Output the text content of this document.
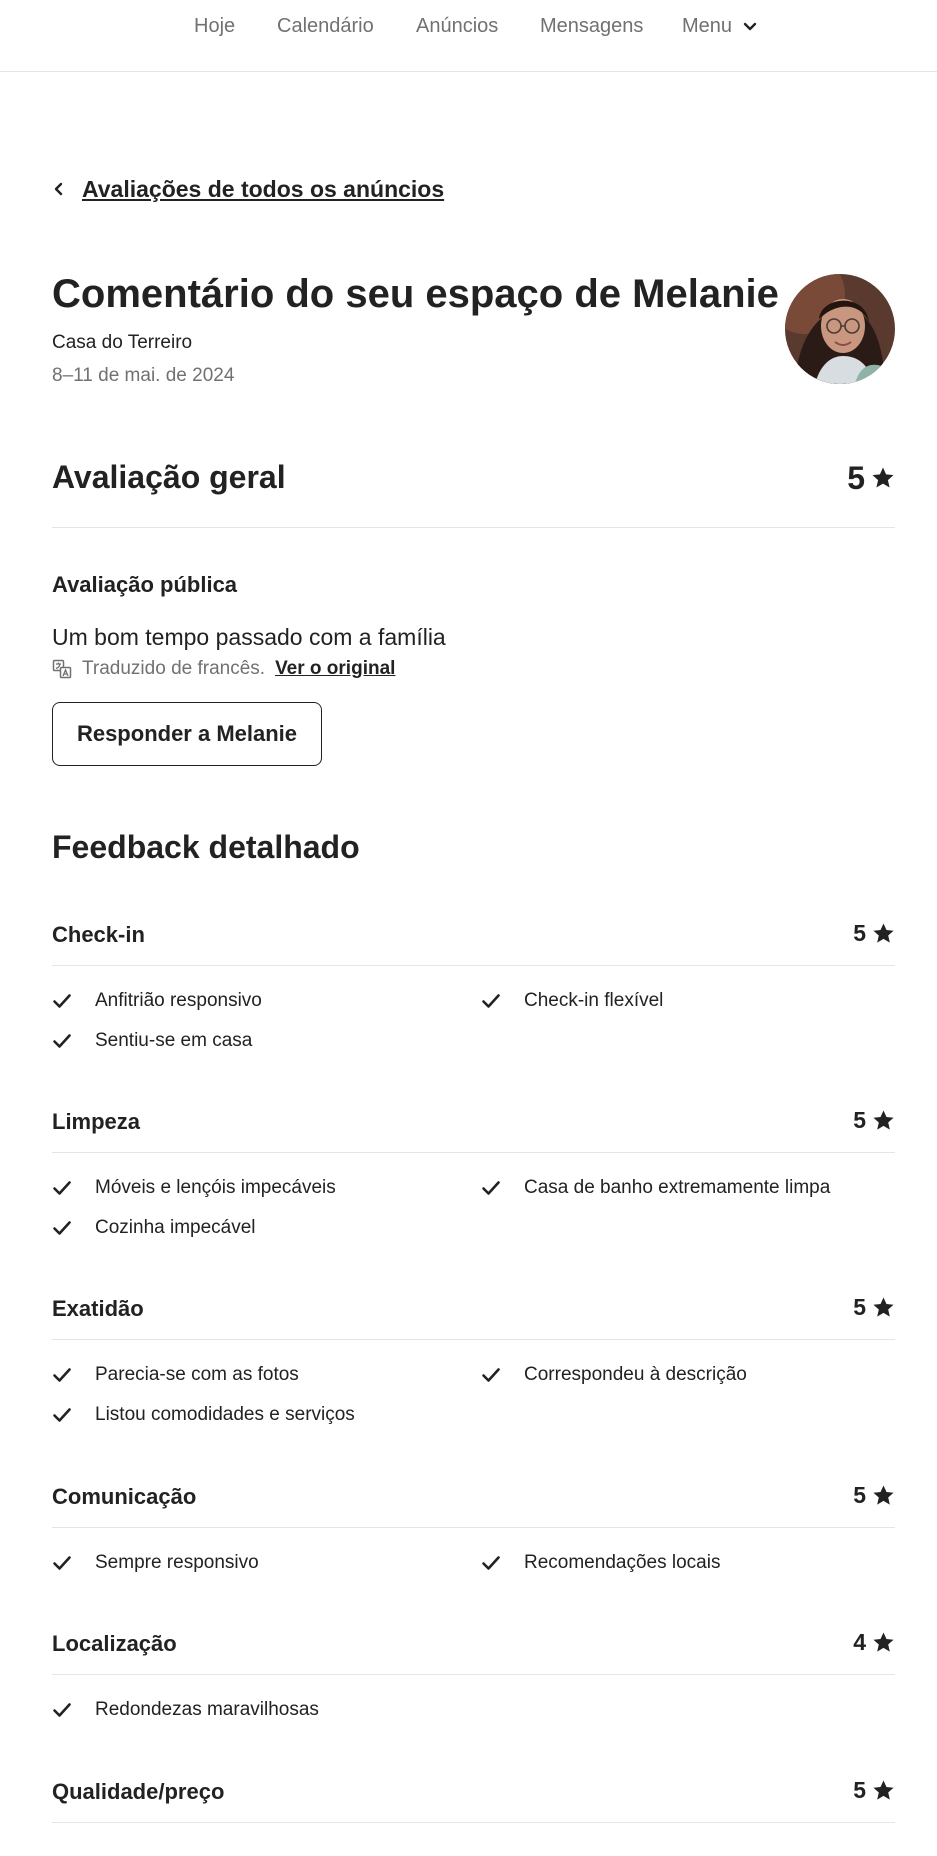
Hoje Calendário Anúncios Mensagens Menu
Avaliações de todos os anúncios
Comentário do seu espaço de Melanie
Casa do Terreiro
8–11 de mai. de 2024
Avaliação geral	5
Avaliação pública

Um bom tempo passado com a família

Traduzido de francês. Ver o original
Responder a Melanie
Feedback detalhado
Check-in	5
Anfitrião responsivo	Check-in flexível
Sentiu-se em casa
Limpeza	5
Móveis e lençóis impecáveis	Casa de banho extremamente limpa
Cozinha impecável
Exatidão	5
Parecia-se com as fotos	Correspondeu à descrição
Listou comodidades e serviços
Comunicação	5
Sempre responsivo	Recomendações locais
Localização	4
Redondezas maravilhosas
Qualidade/preço	5
